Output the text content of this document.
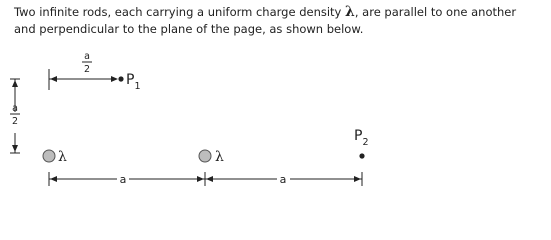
Two infinite rods, each carrying a uniform charge density λ, are parallel to one another and perpendicular to the plane of the page, as shown below.
a
2
a
2
$P_1$
λ	λ
$P_2$
a	a
